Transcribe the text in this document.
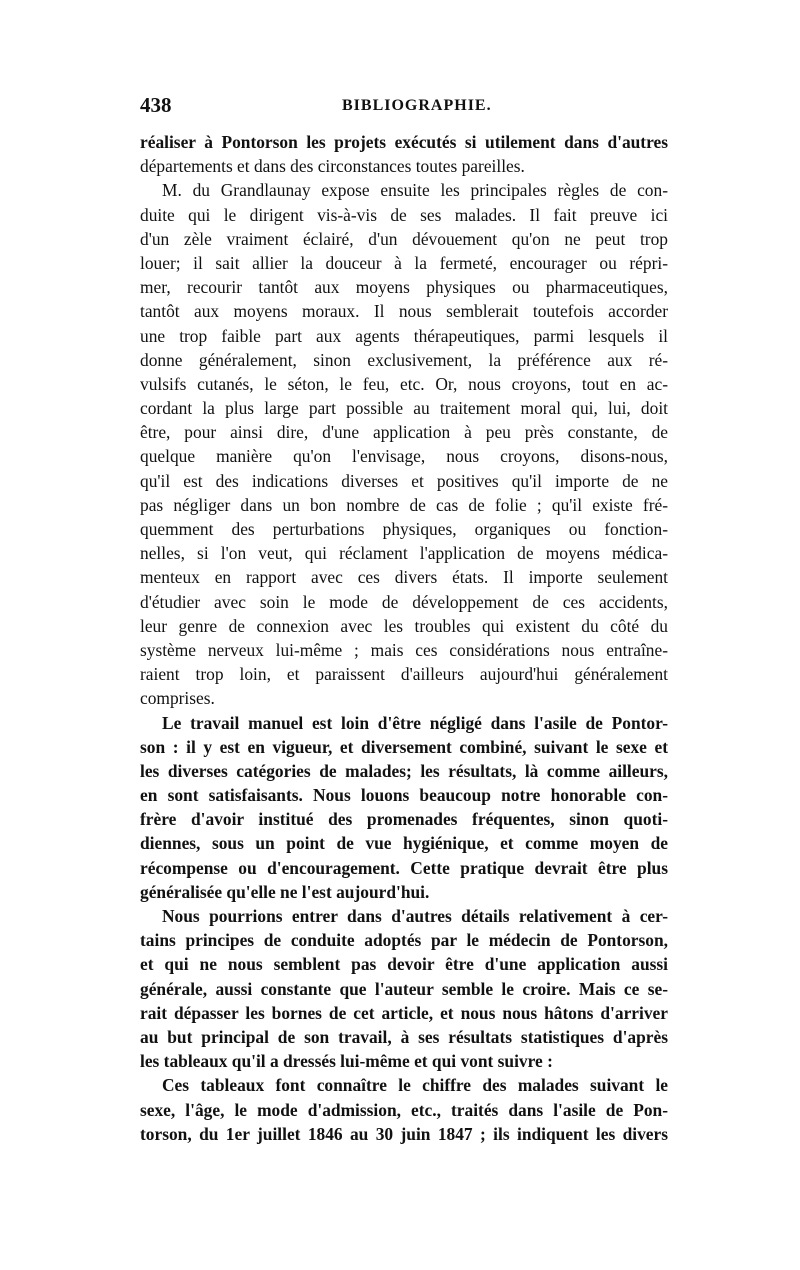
438	BIBLIOGRAPHIE.
réaliser à Pontorson les projets exécutés si utilement dans d'autres
départements et dans des circonstances toutes pareilles.
M. du Grandlaunay expose ensuite les principales règles de con-
duite qui le dirigent vis-à-vis de ses malades. Il fait preuve ici
d'un zèle vraiment éclairé, d'un dévouement qu'on ne peut trop
louer; il sait allier la douceur à la fermeté, encourager ou répri-
mer, recourir tantôt aux moyens physiques ou pharmaceutiques,
tantôt aux moyens moraux. Il nous semblerait toutefois accorder
une trop faible part aux agents thérapeutiques, parmi lesquels il
donne généralement, sinon exclusivement, la préférence aux ré-
vulsifs cutanés, le séton, le feu, etc. Or, nous croyons, tout en ac-
cordant la plus large part possible au traitement moral qui, lui, doit
être, pour ainsi dire, d'une application à peu près constante, de
quelque manière qu'on l'envisage, nous croyons, disons-nous,
qu'il est des indications diverses et positives qu'il importe de ne
pas négliger dans un bon nombre de cas de folie ; qu'il existe fré-
quemment des perturbations physiques, organiques ou fonction-
nelles, si l'on veut, qui réclament l'application de moyens médica-
menteux en rapport avec ces divers états. Il importe seulement
d'étudier avec soin le mode de développement de ces accidents,
leur genre de connexion avec les troubles qui existent du côté du
système nerveux lui-même ; mais ces considérations nous entraîne-
raient trop loin, et paraissent d'ailleurs aujourd'hui généralement
comprises.
Le travail manuel est loin d'être négligé dans l'asile de Pontor-
son : il y est en vigueur, et diversement combiné, suivant le sexe et
les diverses catégories de malades; les résultats, là comme ailleurs,
en sont satisfaisants. Nous louons beaucoup notre honorable con-
frère d'avoir institué des promenades fréquentes, sinon quoti-
diennes, sous un point de vue hygiénique, et comme moyen de
récompense ou d'encouragement. Cette pratique devrait être plus
généralisée qu'elle ne l'est aujourd'hui.
Nous pourrions entrer dans d'autres détails relativement à cer-
tains principes de conduite adoptés par le médecin de Pontorson,
et qui ne nous semblent pas devoir être d'une application aussi
générale, aussi constante que l'auteur semble le croire. Mais ce se-
rait dépasser les bornes de cet article, et nous nous hâtons d'arriver
au but principal de son travail, à ses résultats statistiques d'après
les tableaux qu'il a dressés lui-même et qui vont suivre :
Ces tableaux font connaître le chiffre des malades suivant le
sexe, l'âge, le mode d'admission, etc., traités dans l'asile de Pon-
torson, du 1er juillet 1846 au 30 juin 1847 ; ils indiquent les divers
